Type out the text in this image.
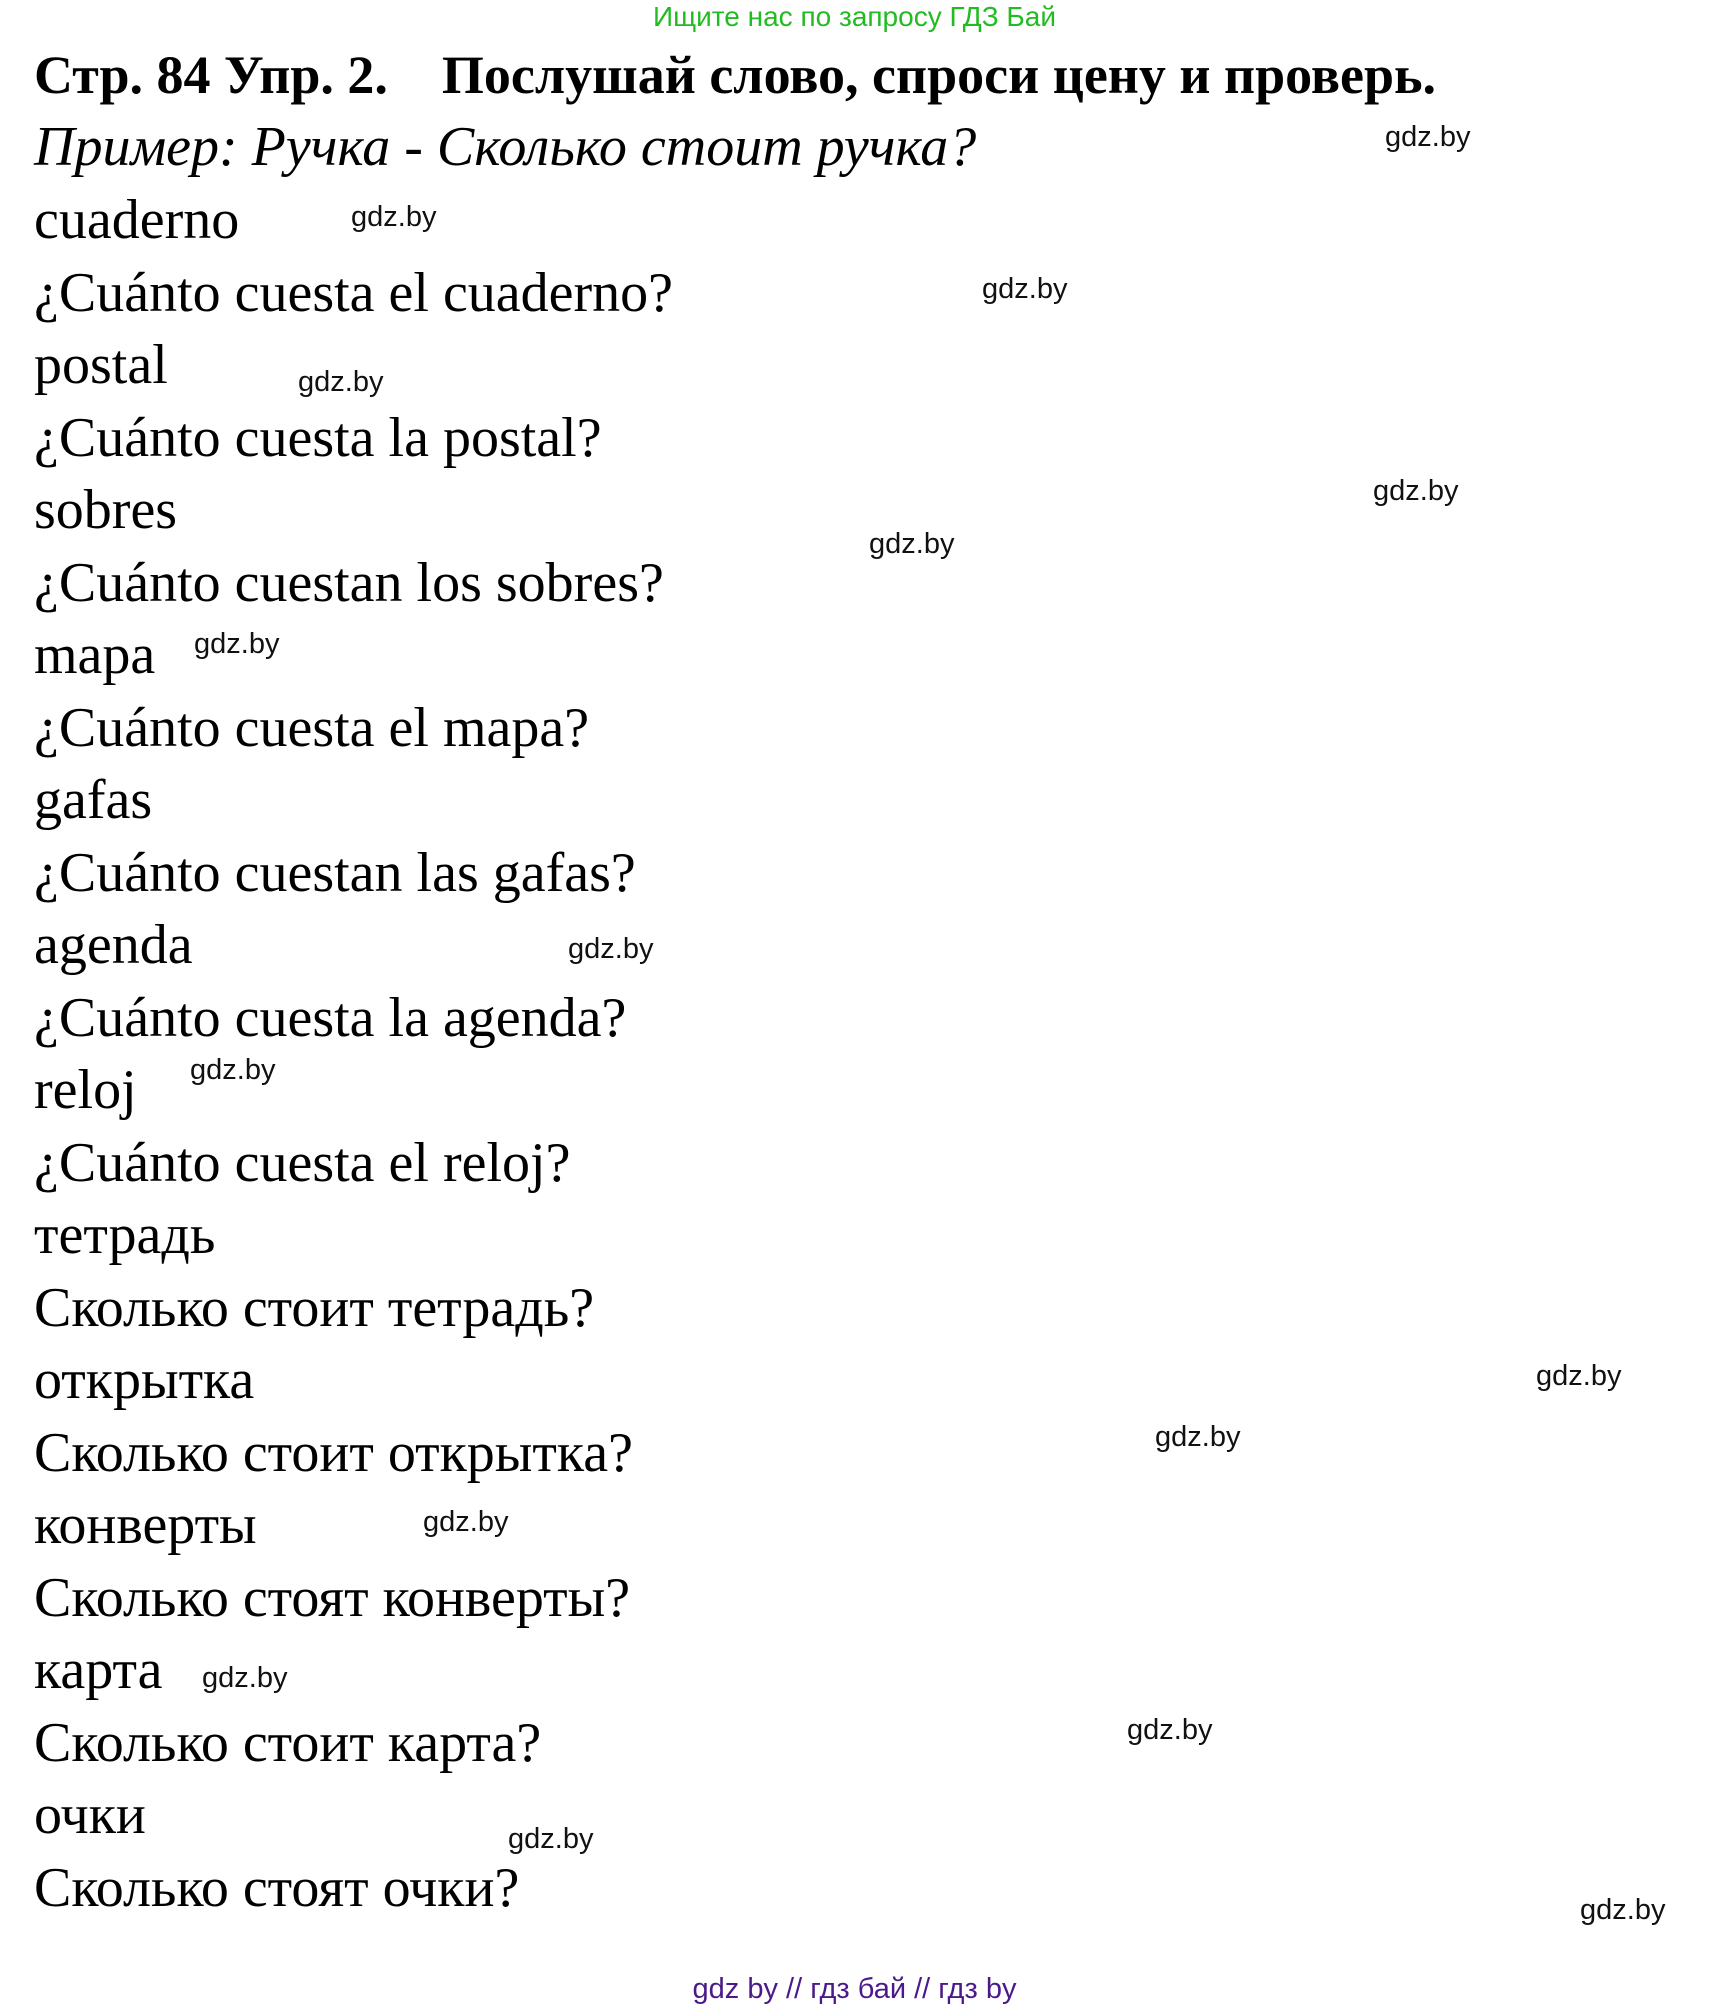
Ищите нас по запросу ГДЗ Бай
Стр. 84 Упр. 2.    Послушай слово, спроси цену и проверь.
Пример: Ручка - Сколько стоит ручка?
cuaderno
¿Cuánto cuesta el cuaderno?
postal
¿Cuánto cuesta la postal?
sobres
¿Cuánto cuestan los sobres?
mapa
¿Cuánto cuesta el mapa?
gafas
¿Cuánto cuestan las gafas?
agenda
¿Cuánto cuesta la agenda?
reloj
¿Cuánto cuesta el reloj?
тетрадь
Сколько стоит тетрадь?
открытка
Сколько стоит открытка?
конверты
Сколько стоят конверты?
карта
Сколько стоит карта?
очки
Сколько стоят очки?
gdz.by
gdz.by
gdz.by
gdz.by
gdz.by
gdz.by
gdz.by
gdz.by
gdz.by
gdz.by
gdz.by
gdz.by
gdz.by
gdz.by
gdz.by
gdz.by
gdz by // гдз бай // гдз by
